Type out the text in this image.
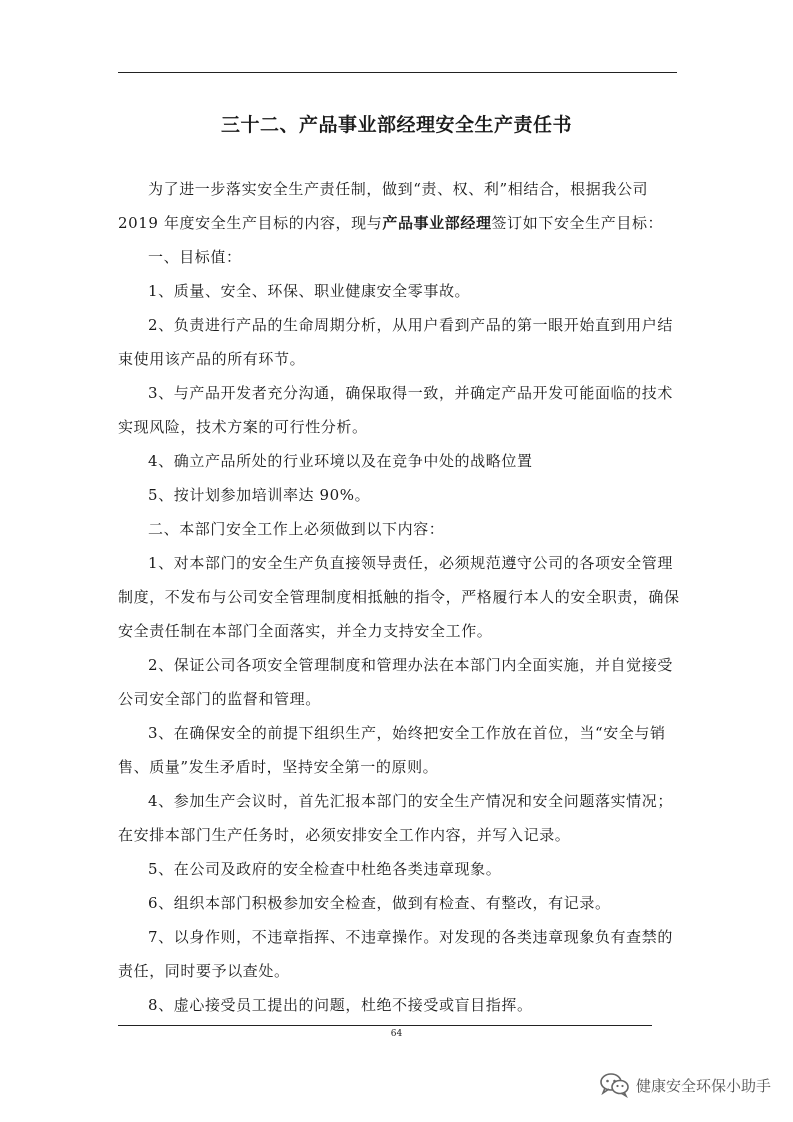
三十二、产品事业部经理安全生产责任书

为了进一步落实安全生产责任制，做到“责、权、利”相结合，根据我公司2019 年度安全生产目标的内容，现与产品事业部经理签订如下安全生产目标：

一、目标值：

1、质量、安全、环保、职业健康安全零事故。

2、负责进行产品的生命周期分析，从用户看到产品的第一眼开始直到用户结束使用该产品的所有环节。

3、与产品开发者充分沟通，确保取得一致，并确定产品开发可能面临的技术实现风险，技术方案的可行性分析。

4、确立产品所处的行业环境以及在竞争中处的战略位置

5、按计划参加培训率达 90%。

二、本部门安全工作上必须做到以下内容：

1、对本部门的安全生产负直接领导责任，必须规范遵守公司的各项安全管理制度，不发布与公司安全管理制度相抵触的指令，严格履行本人的安全职责，确保安全责任制在本部门全面落实，并全力支持安全工作。

2、保证公司各项安全管理制度和管理办法在本部门内全面实施，并自觉接受公司安全部门的监督和管理。

3、在确保安全的前提下组织生产，始终把安全工作放在首位，当“安全与销售、质量”发生矛盾时，坚持安全第一的原则。

4、参加生产会议时，首先汇报本部门的安全生产情况和安全问题落实情况；在安排本部门生产任务时，必须安排安全工作内容，并写入记录。

5、在公司及政府的安全检查中杜绝各类违章现象。

6、组织本部门积极参加安全检查，做到有检查、有整改，有记录。

7、以身作则，不违章指挥、不违章操作。对发现的各类违章现象负有查禁的责任，同时要予以查处。

8、虚心接受员工提出的问题，杜绝不接受或盲目指挥。

64
健康安全环保小助手
